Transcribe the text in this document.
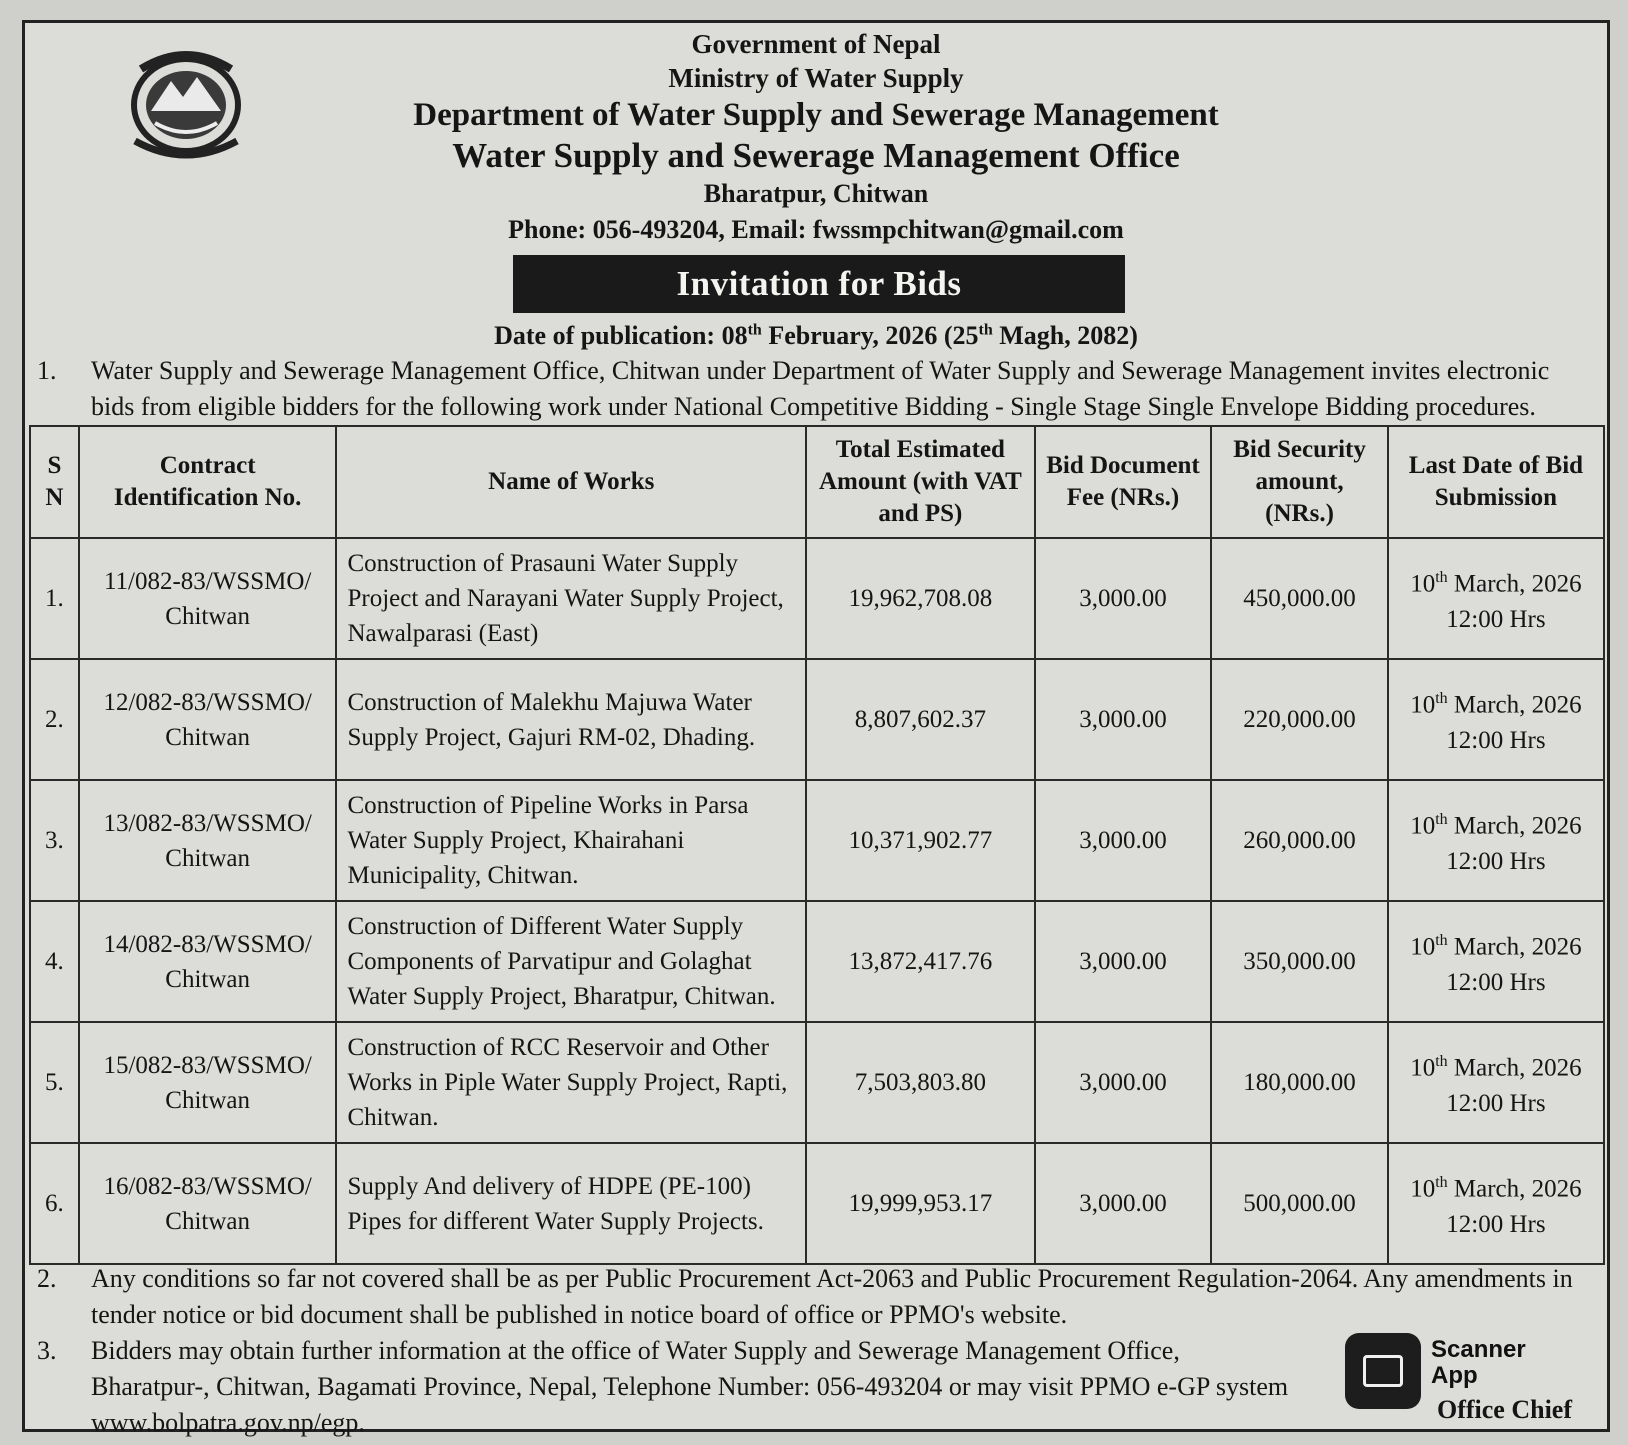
Government of Nepal
Ministry of Water Supply
Department of Water Supply and Sewerage Management
Water Supply and Sewerage Management Office
Bharatpur, Chitwan
Phone: 056-493204, Email: fwssmpchitwan@gmail.com
Invitation for Bids
Date of publication: 08th February, 2026 (25th Magh, 2082)
1. Water Supply and Sewerage Management Office, Chitwan under Department of Water Supply and Sewerage Management invites electronic bids from eligible bidders for the following work under National Competitive Bidding - Single Stage Single Envelope Bidding procedures.
S N	Contract Identification No.	Name of Works	Total Estimated Amount (with VAT and PS)	Bid Document Fee (NRs.)	Bid Security amount, (NRs.)	Last Date of Bid Submission
1.	11/082-83/WSSMO/ Chitwan	Construction of Prasauni Water Supply Project and Narayani Water Supply Project, Nawalparasi (East)	19,962,708.08	3,000.00	450,000.00	10th March, 2026
12:00 Hrs

2.	12/082-83/WSSMO/ Chitwan	Construction of Malekhu Majuwa Water Supply Project, Gajuri RM-02, Dhading.	8,807,602.37	3,000.00	220,000.00	10th March, 2026
12:00 Hrs

3.	13/082-83/WSSMO/ Chitwan	Construction of Pipeline Works in Parsa Water Supply Project, Khairahani Municipality, Chitwan.	10,371,902.77	3,000.00	260,000.00	10th March, 2026
12:00 Hrs

4.	14/082-83/WSSMO/ Chitwan	Construction of Different Water Supply Components of Parvatipur and Golaghat Water Supply Project, Bharatpur, Chitwan.	13,872,417.76	3,000.00	350,000.00	10th March, 2026
12:00 Hrs

5.	15/082-83/WSSMO/ Chitwan	Construction of RCC Reservoir and Other Works in Piple Water Supply Project, Rapti, Chitwan.	7,503,803.80	3,000.00	180,000.00	10th March, 2026
12:00 Hrs

6.	16/082-83/WSSMO/ Chitwan	Supply And delivery of HDPE (PE-100) Pipes for different Water Supply Projects.	19,999,953.17	3,000.00	500,000.00	10th March, 2026
12:00 Hrs
2. Any conditions so far not covered shall be as per Public Procurement Act-2063 and Public Procurement Regulation-2064. Any amendments in tender notice or bid document shall be published in notice board of office or PPMO's website.
3. Bidders may obtain further information at the office of Water Supply and Sewerage Management Office, Bharatpur-, Chitwan, Bagamati Province, Nepal, Telephone Number: 056-493204 or may visit PPMO e-GP system www.bolpatra.gov.np/egp.
Scanner
App
Office Chief
